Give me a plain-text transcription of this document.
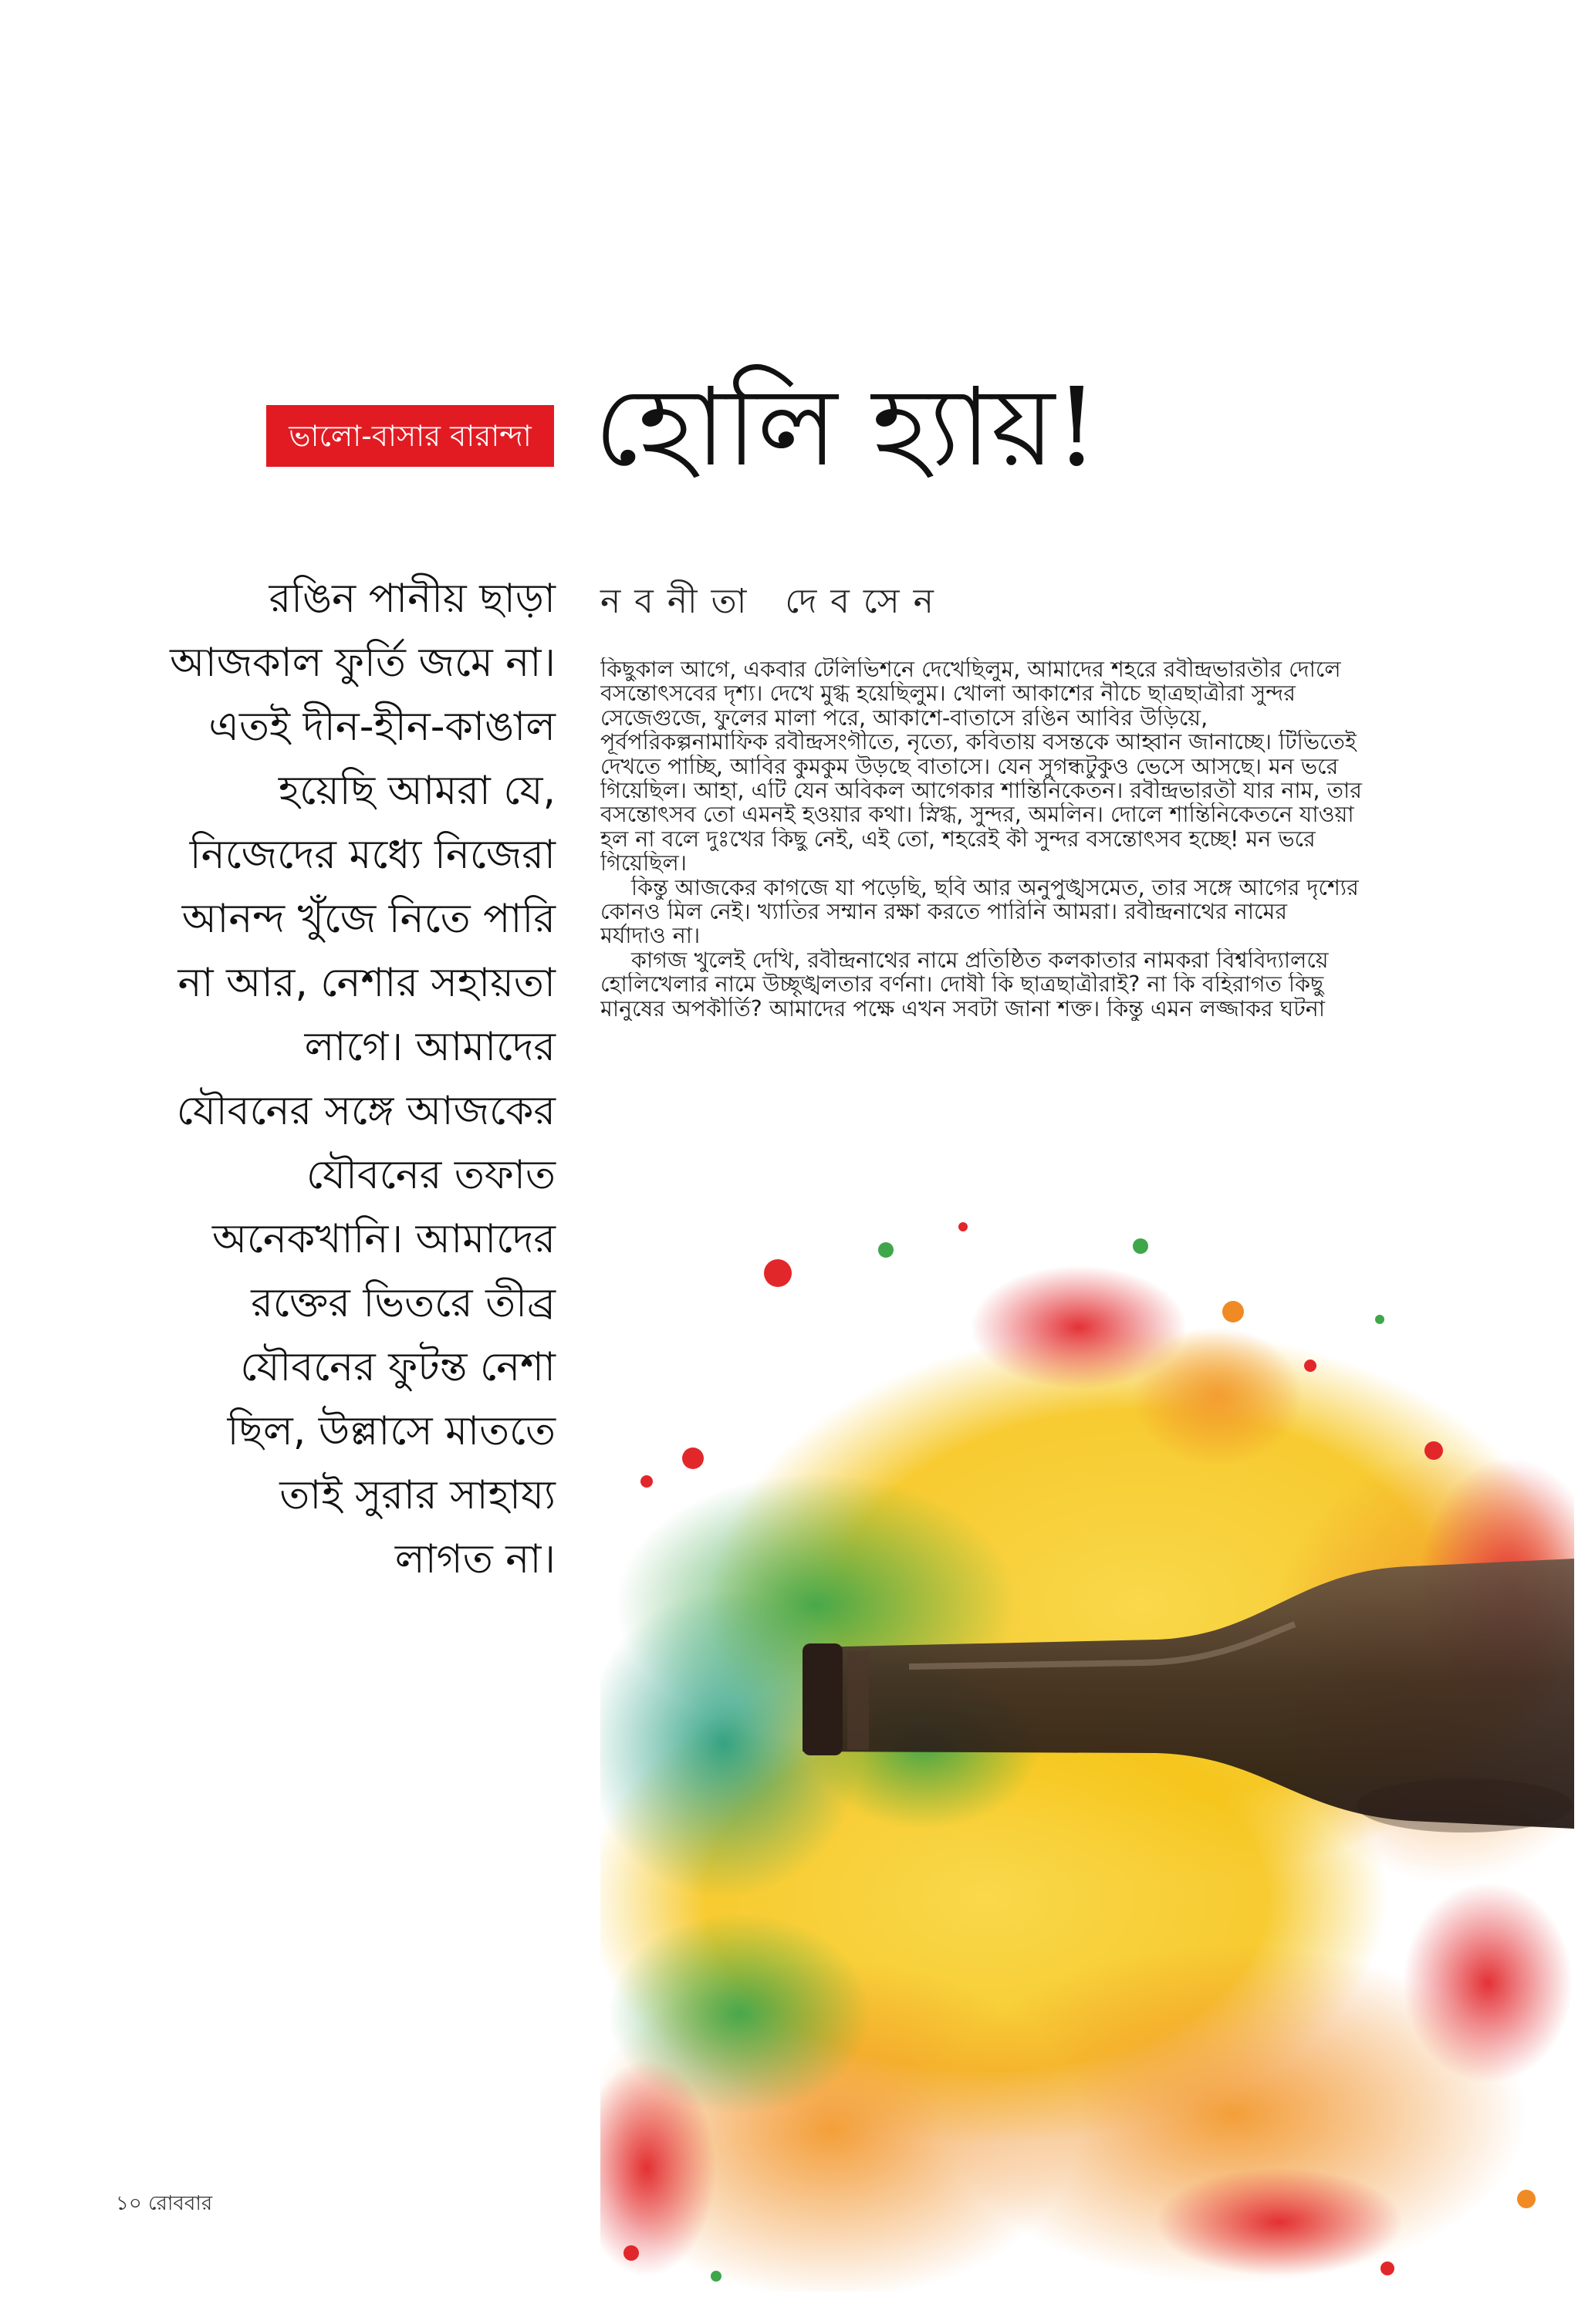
ভালো-বাসার বারান্দা হোলি হ্যায়!
রঙিন পানীয় ছাড়া
আজকাল ফুর্তি জমে না।
এতই দীন-হীন-কাঙাল
হয়েছি আমরা যে,
নিজেদের মধ্যে নিজেরা
আনন্দ খুঁজে নিতে পারি
না আর, নেশার সহায়তা
লাগে। আমাদের
যৌবনের সঙ্গে আজকের
যৌবনের তফাত
অনেকখানি। আমাদের
রক্তের ভিতরে তীব্র
যৌবনের ফুটন্ত নেশা
ছিল, উল্লাসে মাততে
তাই সুরার সাহায্য
লাগত না।
নবনীতা দেবসেন
কিছুকাল আগে, একবার টেলিভিশনে দেখেছিলুম, আমাদের শহরে রবীন্দ্রভারতীর দোলে
বসন্তোৎসবের দৃশ্য। দেখে মুগ্ধ হয়েছিলুম। খোলা আকাশের নীচে ছাত্রছাত্রীরা সুন্দর
সেজেগুজে, ফুলের মালা পরে, আকাশে-বাতাসে রঙিন আবির উড়িয়ে,
পূর্বপরিকল্পনামাফিক রবীন্দ্রসংগীতে, নৃত্যে, কবিতায় বসন্তকে আহ্বান জানাচ্ছে। টিভিতেই
দেখতে পাচ্ছি, আবির কুমকুম উড়ছে বাতাসে। যেন সুগন্ধটুকুও ভেসে আসছে। মন ভরে
গিয়েছিল। আহা, এটি যেন অবিকল আগেকার শান্তিনিকেতন। রবীন্দ্রভারতী যার নাম, তার
বসন্তোৎসব তো এমনই হওয়ার কথা। স্নিগ্ধ, সুন্দর, অমলিন। দোলে শান্তিনিকেতনে যাওয়া
হল না বলে দুঃখের কিছু নেই, এই তো, শহরেই কী সুন্দর বসন্তোৎসব হচ্ছে! মন ভরে
গিয়েছিল।
কিন্তু আজকের কাগজে যা পড়েছি, ছবি আর অনুপুঙ্খসমেত, তার সঙ্গে আগের দৃশ্যের
কোনও মিল নেই। খ্যাতির সম্মান রক্ষা করতে পারিনি আমরা। রবীন্দ্রনাথের নামের
মর্যাদাও না।
কাগজ খুলেই দেখি, রবীন্দ্রনাথের নামে প্রতিষ্ঠিত কলকাতার নামকরা বিশ্ববিদ্যালয়ে
হোলিখেলার নামে উচ্ছৃঙ্খলতার বর্ণনা। দোষী কি ছাত্রছাত্রীরাই? না কি বহিরাগত কিছু
মানুষের অপকীর্তি? আমাদের পক্ষে এখন সবটা জানা শক্ত। কিন্তু এমন লজ্জাকর ঘটনা
১০ রোববার
